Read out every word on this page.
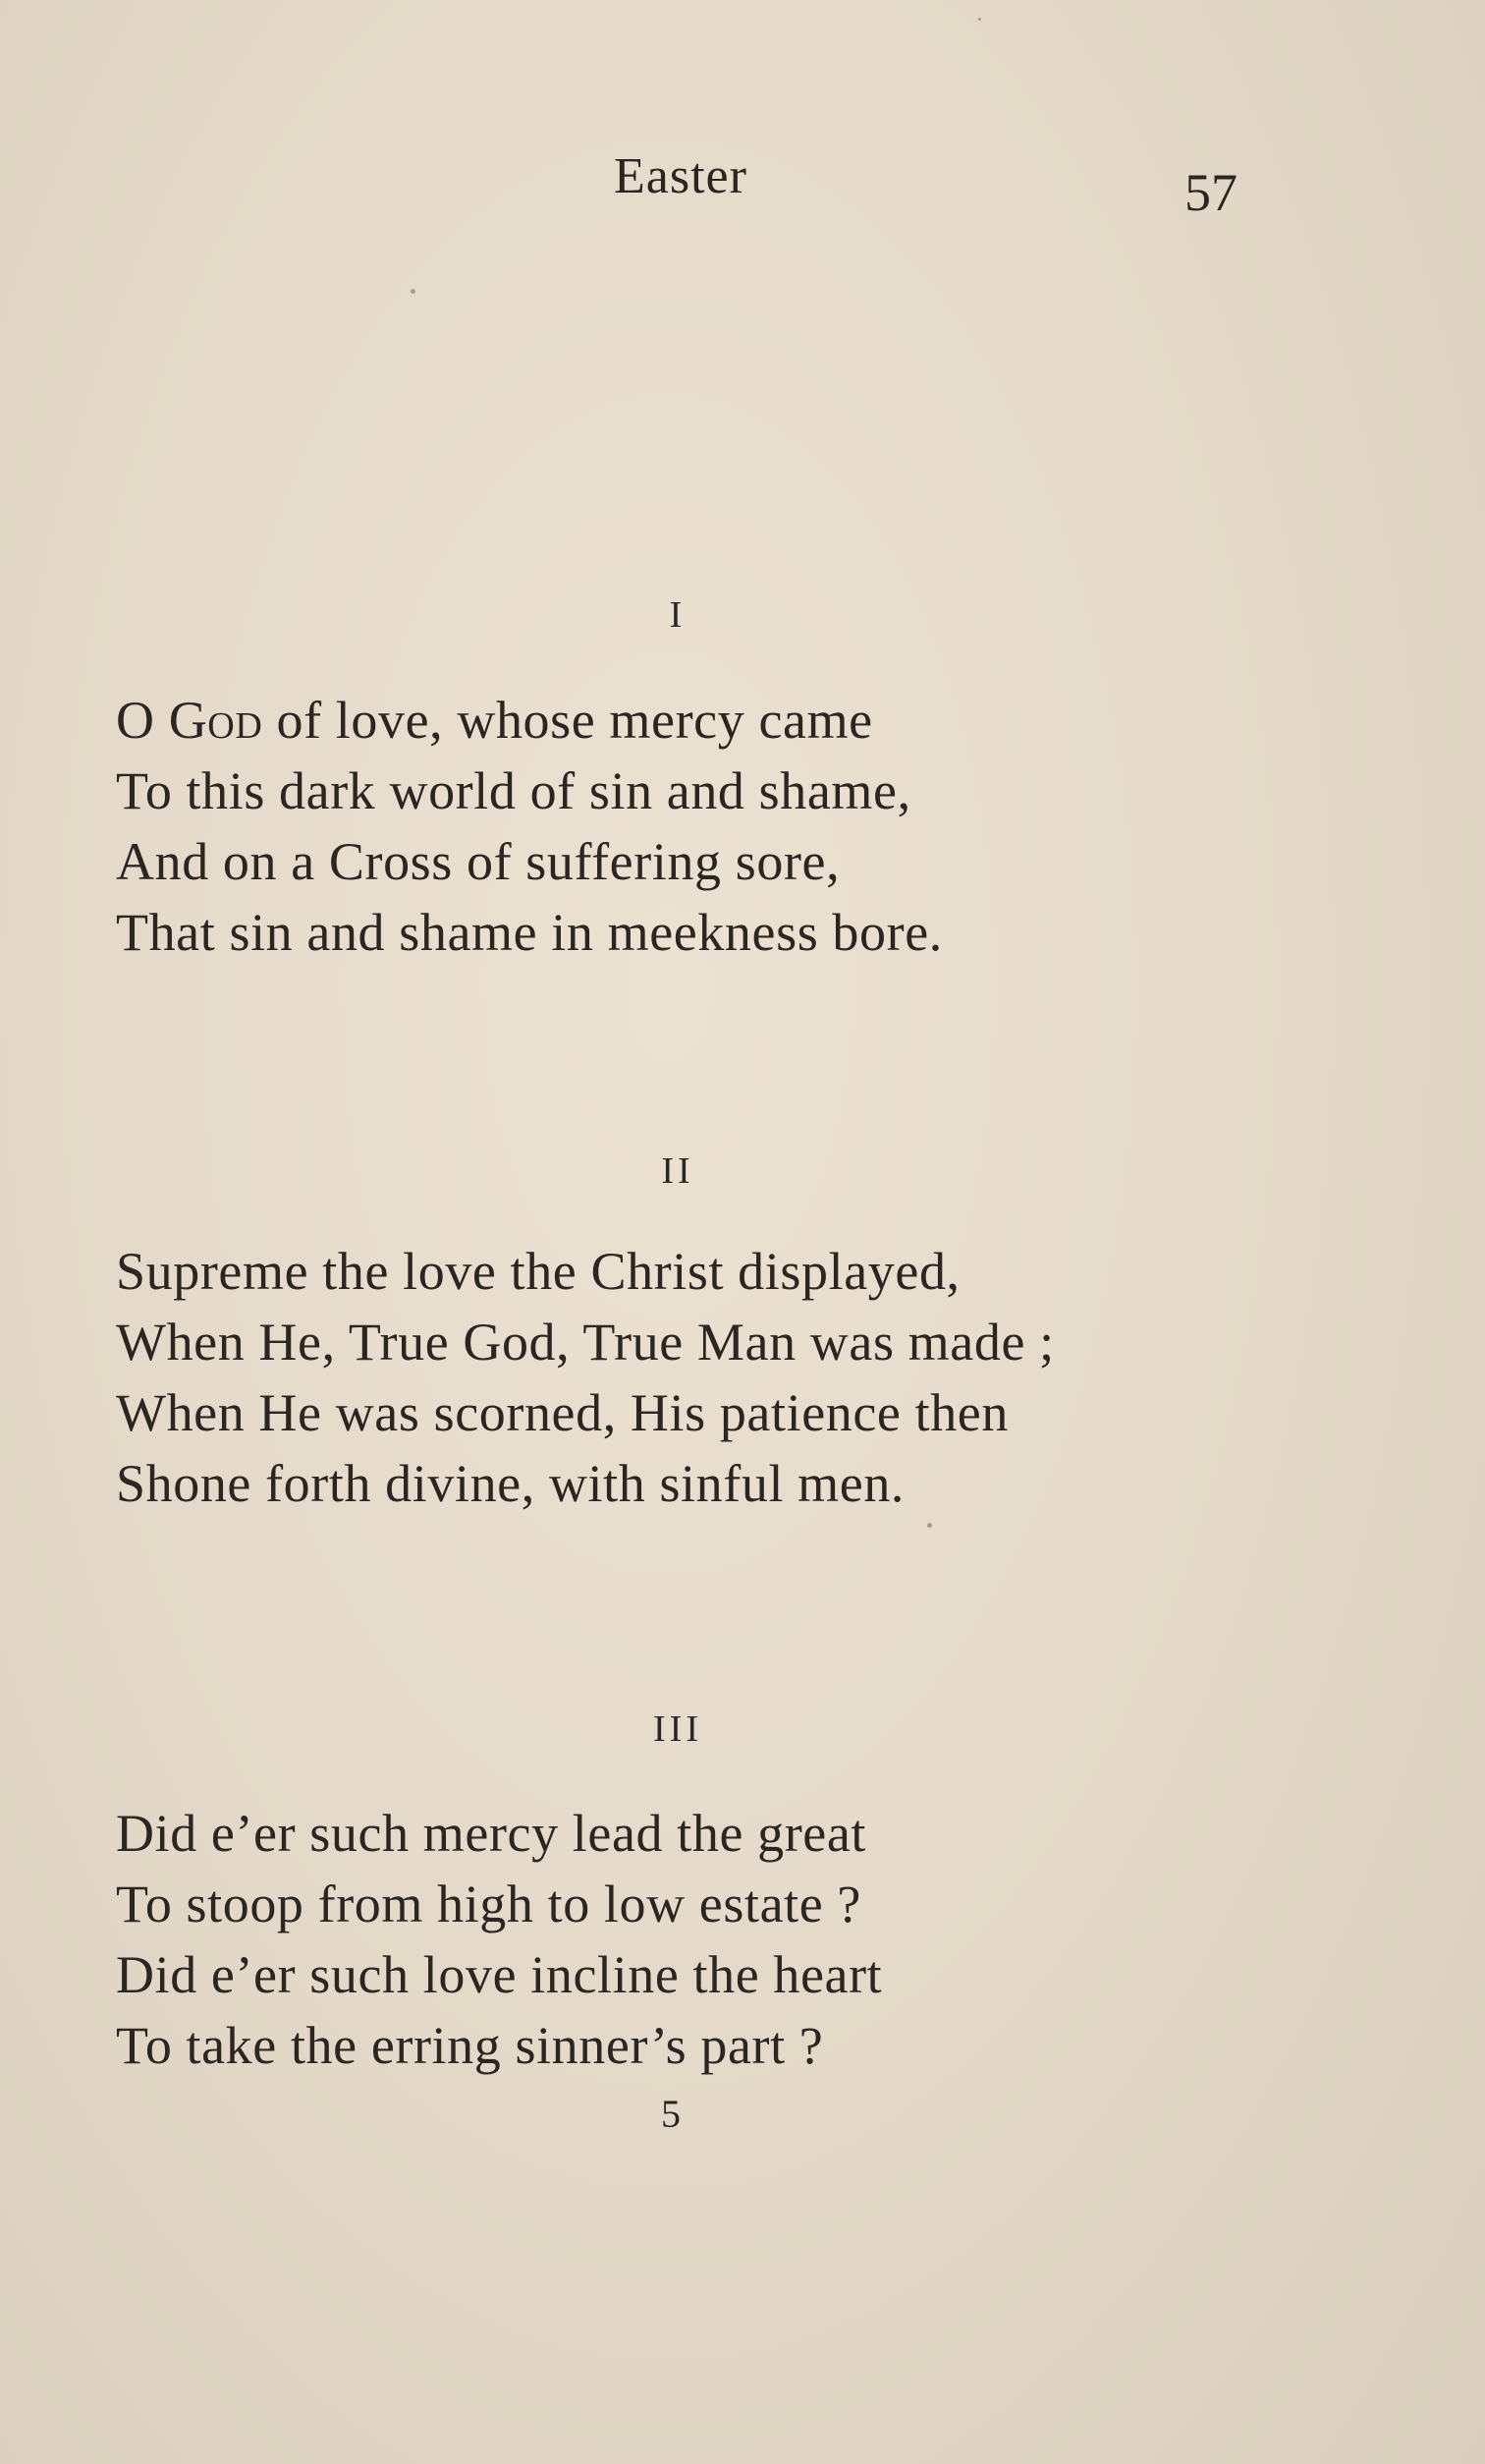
Easter	57
I
O God of love, whose mercy came
To this dark world of sin and shame,
And on a Cross of suffering sore,
That sin and shame in meekness bore.
II
Supreme the love the Christ displayed,
When He, True God, True Man was made ;
When He was scorned, His patience then
Shone forth divine, with sinful men.
III
Did e’er such mercy lead the great
To stoop from high to low estate ?
Did e’er such love incline the heart
To take the erring sinner’s part ?
5
